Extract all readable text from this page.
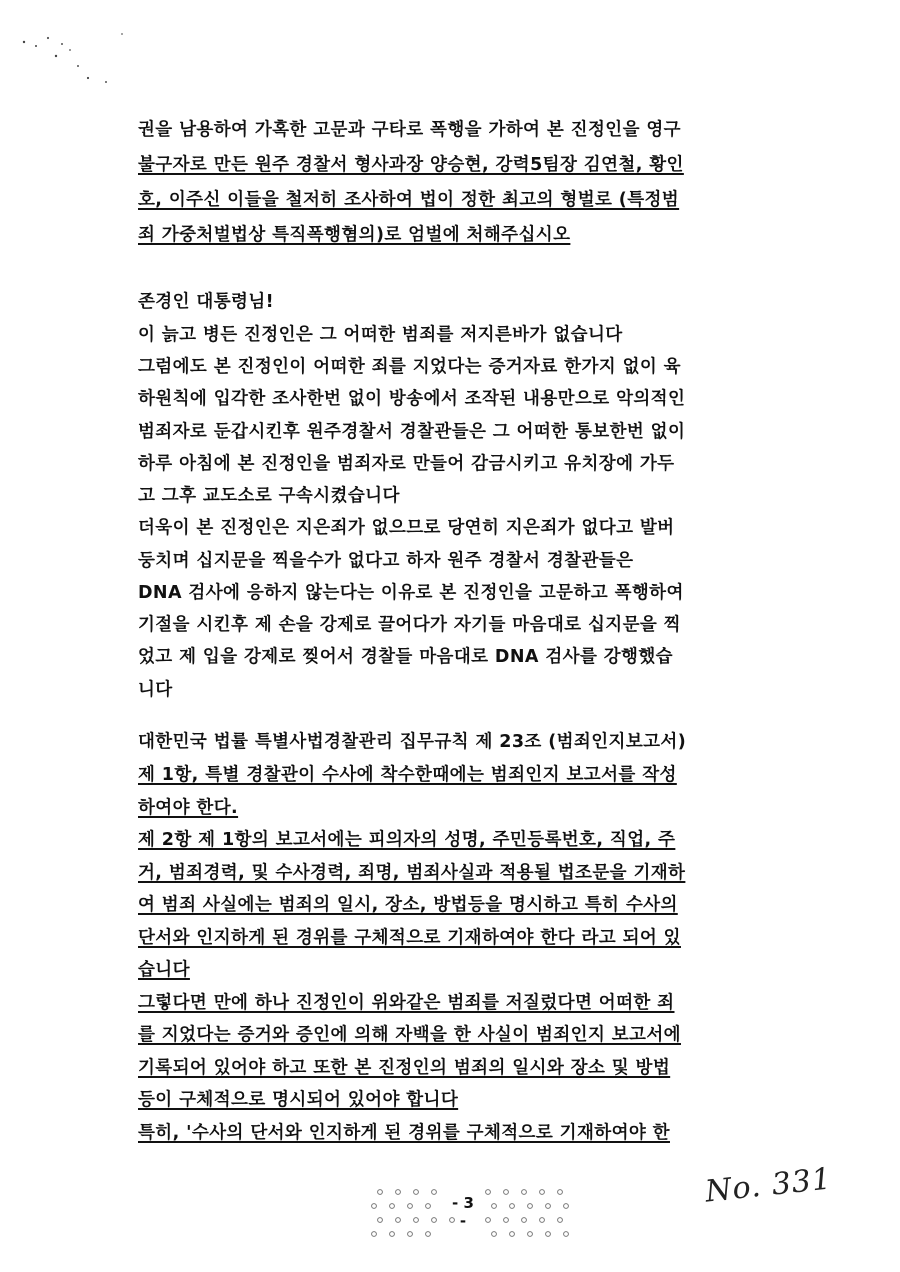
권을 남용하여 가혹한 고문과 구타로 폭행을 가하여 본 진정인을 영구
불구자로 만든 원주 경찰서 형사과장 양승현, 강력5팀장 김연철, 황인
호, 이주신 이들을 철저히 조사하여 법이 정한 최고의 형벌로 (특정범
죄 가중처벌법상 특직폭행혐의)로 엄벌에 처해주십시오
존경인 대통령님!
이 늙고 병든 진정인은 그 어떠한 범죄를 저지른바가 없습니다
그럼에도 본 진정인이 어떠한 죄를 지었다는 증거자료 한가지 없이 육
하원칙에 입각한 조사한번 없이 방송에서 조작된 내용만으로 악의적인
범죄자로 둔갑시킨후 원주경찰서 경찰관들은 그 어떠한 통보한번 없이
하루 아침에 본 진정인을 범죄자로 만들어 감금시키고 유치장에 가두
고 그후 교도소로 구속시켰습니다
더욱이 본 진정인은 지은죄가 없으므로 당연히 지은죄가 없다고 발버
둥치며 십지문을 찍을수가 없다고 하자 원주 경찰서 경찰관들은
DNA 검사에 응하지 않는다는 이유로 본 진정인을 고문하고 폭행하여
기절을 시킨후 제 손을 강제로 끌어다가 자기들 마음대로 십지문을 찍
었고 제 입을 강제로 찢어서 경찰들 마음대로 DNA 검사를 강행했습
니다
대한민국 법률 특별사법경찰관리 집무규칙 제 23조 (범죄인지보고서)
제 1항, 특별 경찰관이 수사에 착수한때에는 범죄인지 보고서를 작성
하여야 한다.
제 2항 제 1항의 보고서에는 피의자의 성명, 주민등록번호, 직업, 주
거, 범죄경력, 및 수사경력, 죄명, 범죄사실과 적용될 법조문을 기재하
여 범죄 사실에는 범죄의 일시, 장소, 방법등을 명시하고 특히 수사의
단서와 인지하게 된 경위를 구체적으로 기재하여야 한다 라고 되어 있
습니다
그렇다면 만에 하나 진정인이 위와같은 범죄를 저질렀다면 어떠한 죄
를 지었다는 증거와 증인에 의해 자백을 한 사실이 범죄인지 보고서에
기록되어 있어야 하고 또한 본 진정인의 범죄의 일시와 장소 및 방법
등이 구체적으로 명시되어 있어야 합니다
특히, '수사의 단서와 인지하게 된 경위를 구체적으로 기재하여야 한
- 3 -
No. 331
